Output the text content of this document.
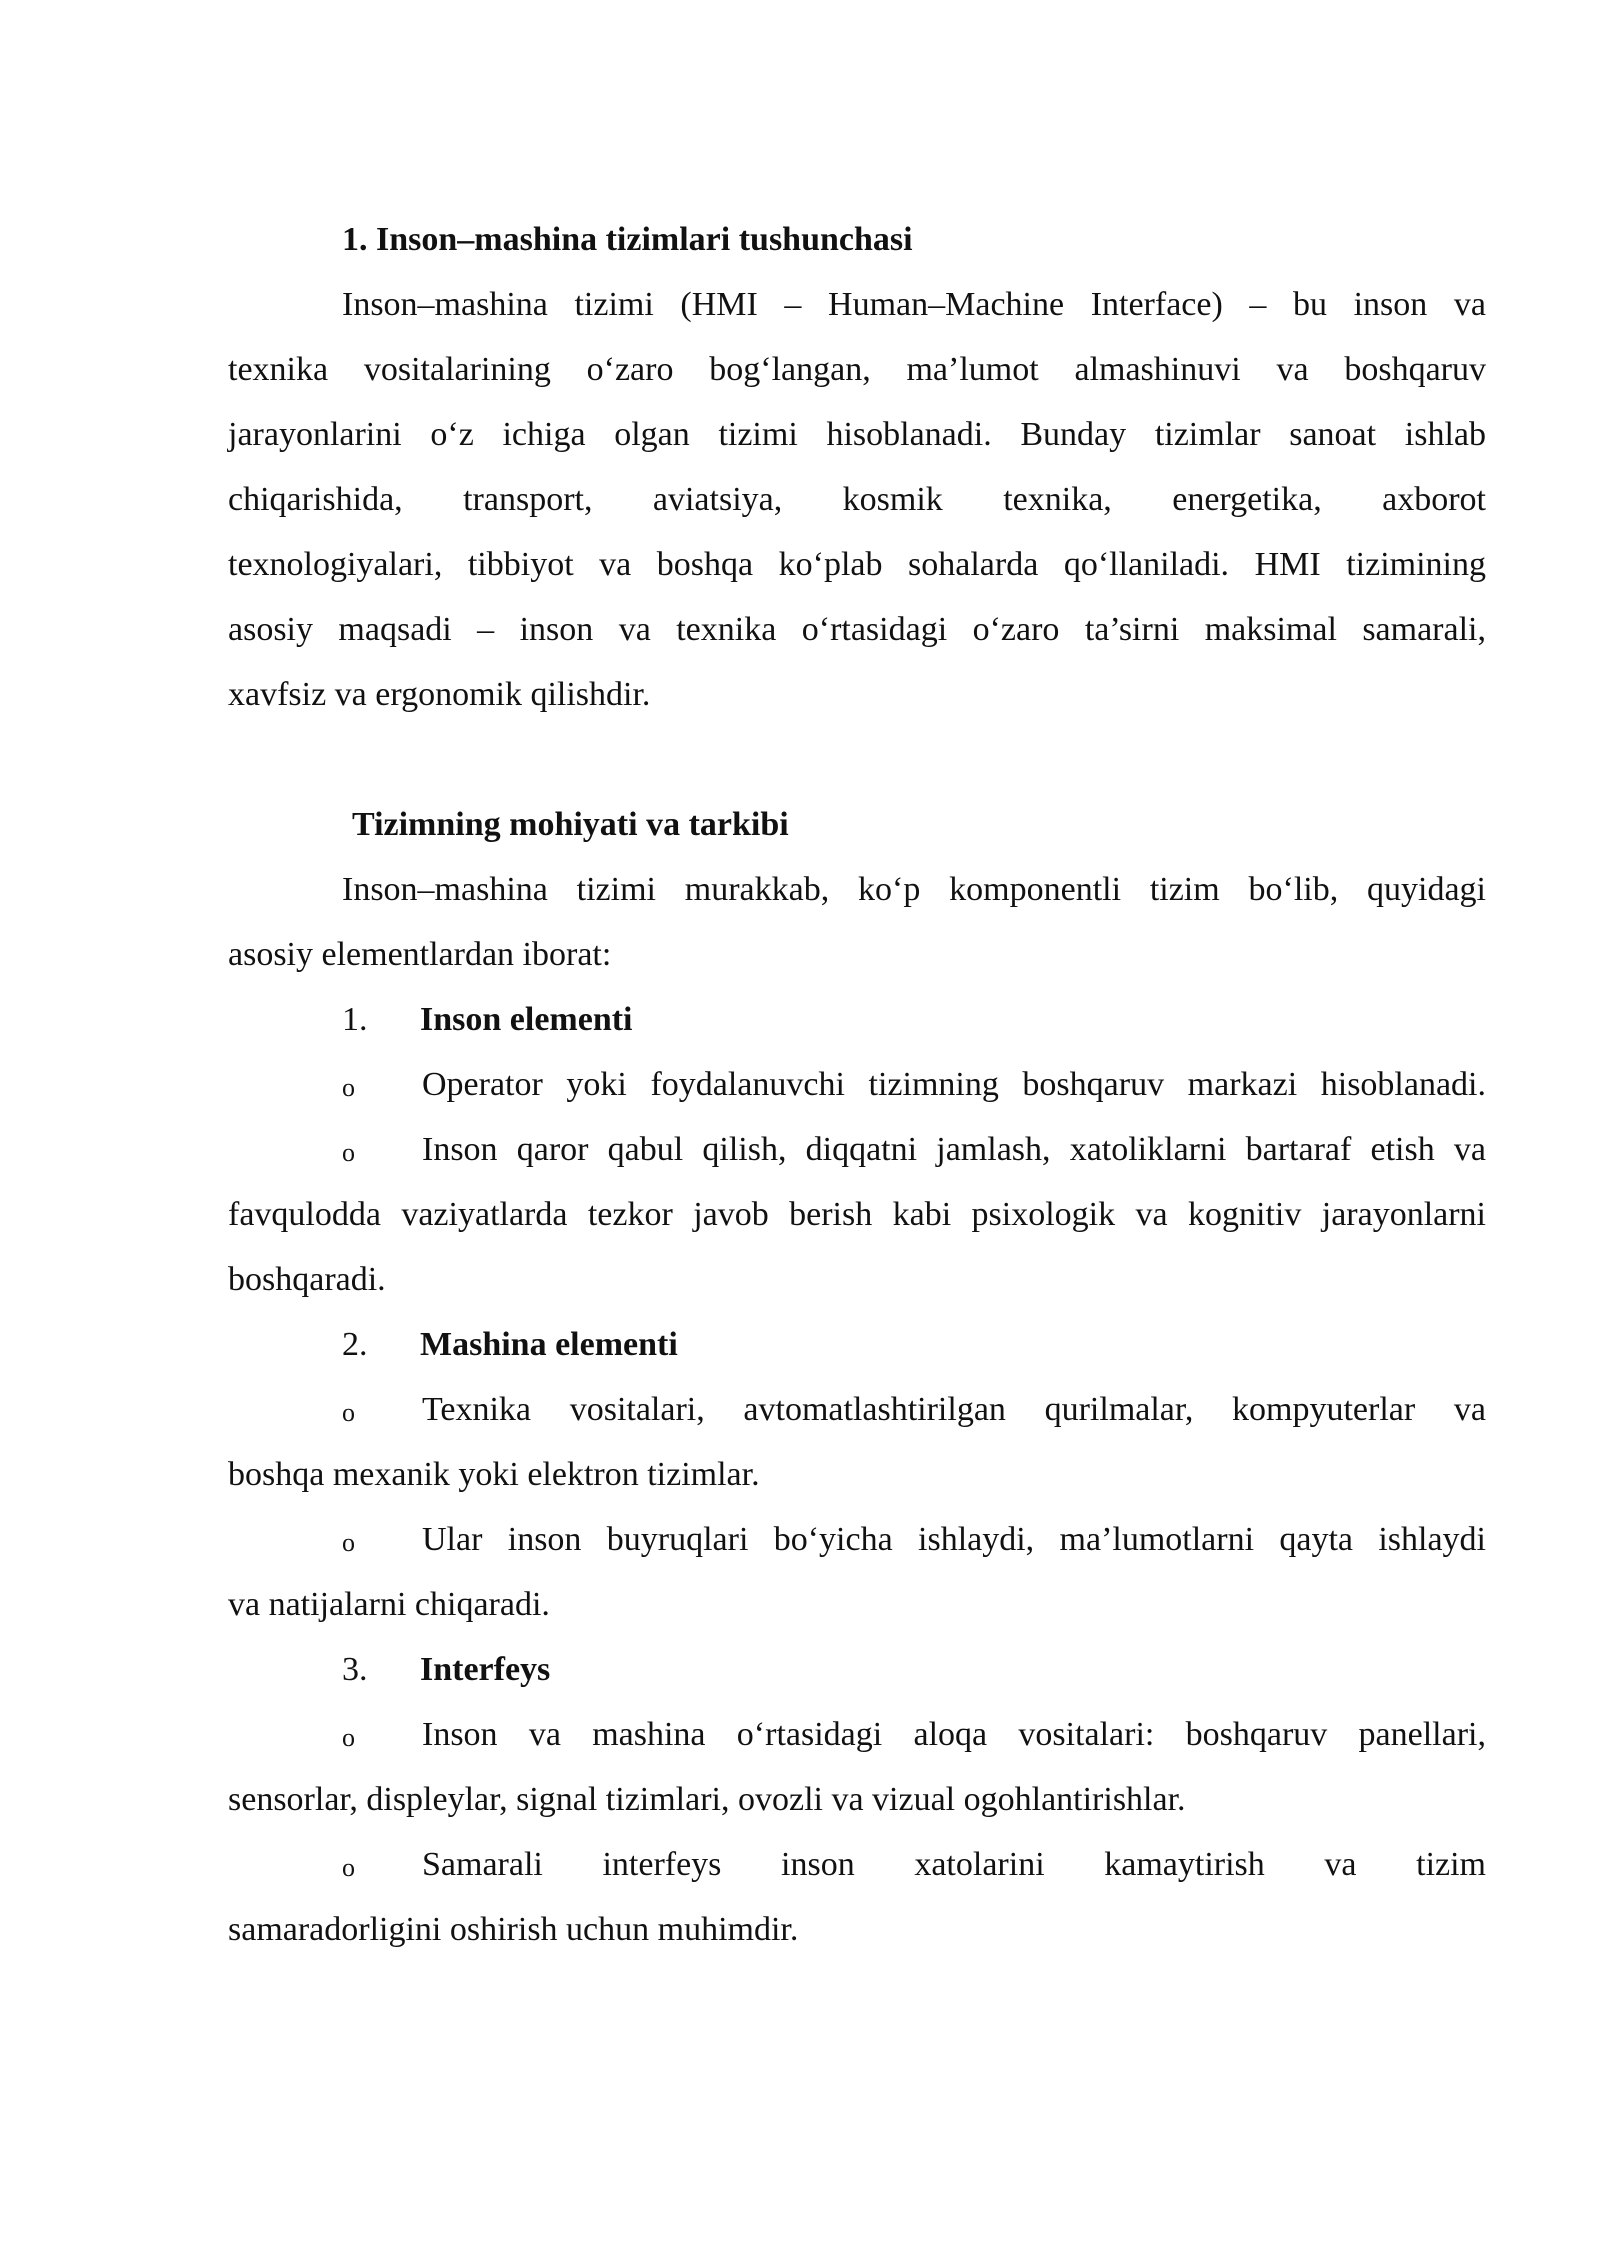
1. Inson–mashina tizimlari tushunchasi
Inson–mashina tizimi (HMI – Human–Machine Interface) – bu inson va
texnika vositalarining o‘zaro bog‘langan, ma’lumot almashinuvi va boshqaruv
jarayonlarini o‘z ichiga olgan tizimi hisoblanadi. Bunday tizimlar sanoat ishlab
chiqarishida, transport, aviatsiya, kosmik texnika, energetika, axborot
texnologiyalari, tibbiyot va boshqa ko‘plab sohalarda qo‘llaniladi. HMI tizimining
asosiy maqsadi – inson va texnika o‘rtasidagi o‘zaro ta’sirni maksimal samarali,
xavfsiz va ergonomik qilishdir.
Tizimning mohiyati va tarkibi
Inson–mashina tizimi murakkab, ko‘p komponentli tizim bo‘lib, quyidagi
asosiy elementlardan iborat:
1. Inson elementi
o Operator yoki foydalanuvchi tizimning boshqaruv markazi hisoblanadi.
o Inson qaror qabul qilish, diqqatni jamlash, xatoliklarni bartaraf etish va
favqulodda vaziyatlarda tezkor javob berish kabi psixologik va kognitiv jarayonlarni
boshqaradi.
2. Mashina elementi
o Texnika vositalari, avtomatlashtirilgan qurilmalar, kompyuterlar va
boshqa mexanik yoki elektron tizimlar.
o Ular inson buyruqlari bo‘yicha ishlaydi, ma’lumotlarni qayta ishlaydi
va natijalarni chiqaradi.
3. Interfeys
o Inson va mashina o‘rtasidagi aloqa vositalari: boshqaruv panellari,
sensorlar, displeylar, signal tizimlari, ovozli va vizual ogohlantirishlar.
o Samarali interfeys inson xatolarini kamaytirish va tizim
samaradorligini oshirish uchun muhimdir.
